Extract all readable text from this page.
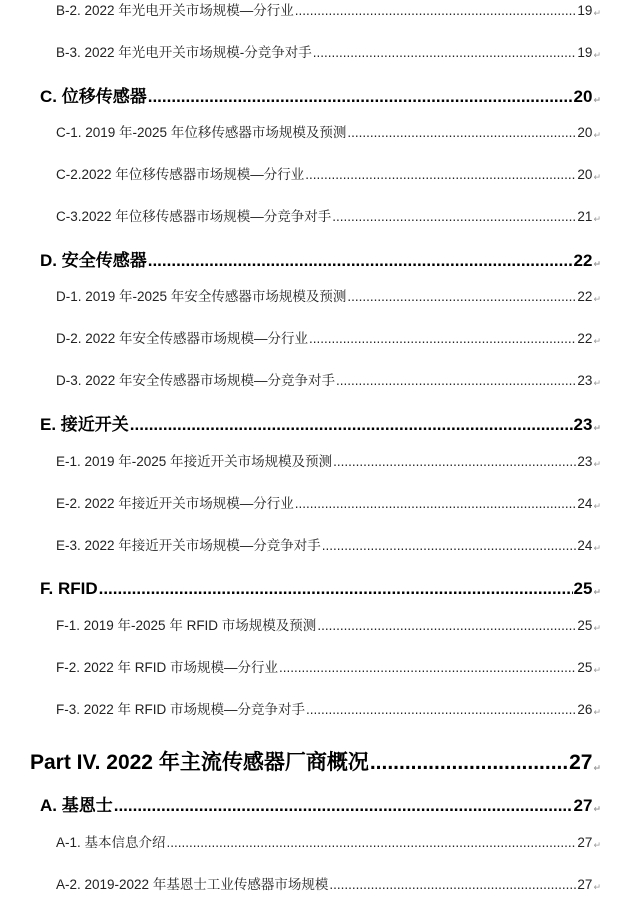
B-2. 2022 年光电开关市场规模—分行业 .....	19 ↵
B-3. 2022 年光电开关市场规模-分竞争对手 .....	19 ↵
C. 位移传感器 .....	20 ↵
C-1. 2019 年-2025 年位移传感器市场规模及预测 .....	20 ↵
C-2.2022 年位移传感器市场规模—分行业 .....	20 ↵
C-3.2022 年位移传感器市场规模—分竞争对手 .....	21 ↵
D. 安全传感器 .....	22 ↵
D-1. 2019 年-2025 年安全传感器市场规模及预测 .....	22 ↵
D-2. 2022 年安全传感器市场规模—分行业 .....	22 ↵
D-3. 2022 年安全传感器市场规模—分竞争对手 .....	23 ↵
E. 接近开关 .....	23 ↵
E-1. 2019 年-2025 年接近开关市场规模及预测 .....	23 ↵
E-2. 2022 年接近开关市场规模—分行业 .....	24 ↵
E-3. 2022 年接近开关市场规模—分竞争对手 .....	24 ↵
F. RFID .....	25 ↵
F-1. 2019 年-2025 年 RFID 市场规模及预测 .....	25 ↵
F-2. 2022 年 RFID 市场规模—分行业 .....	25 ↵
F-3. 2022 年 RFID 市场规模—分竞争对手 .....	26 ↵
Part IV. 2022 年主流传感器厂商概况 .....	27 ↵
A. 基恩士 .....	27 ↵
A-1. 基本信息介绍 .....	27 ↵
A-2. 2019-2022 年基恩士工业传感器市场规模 .....	27 ↵
